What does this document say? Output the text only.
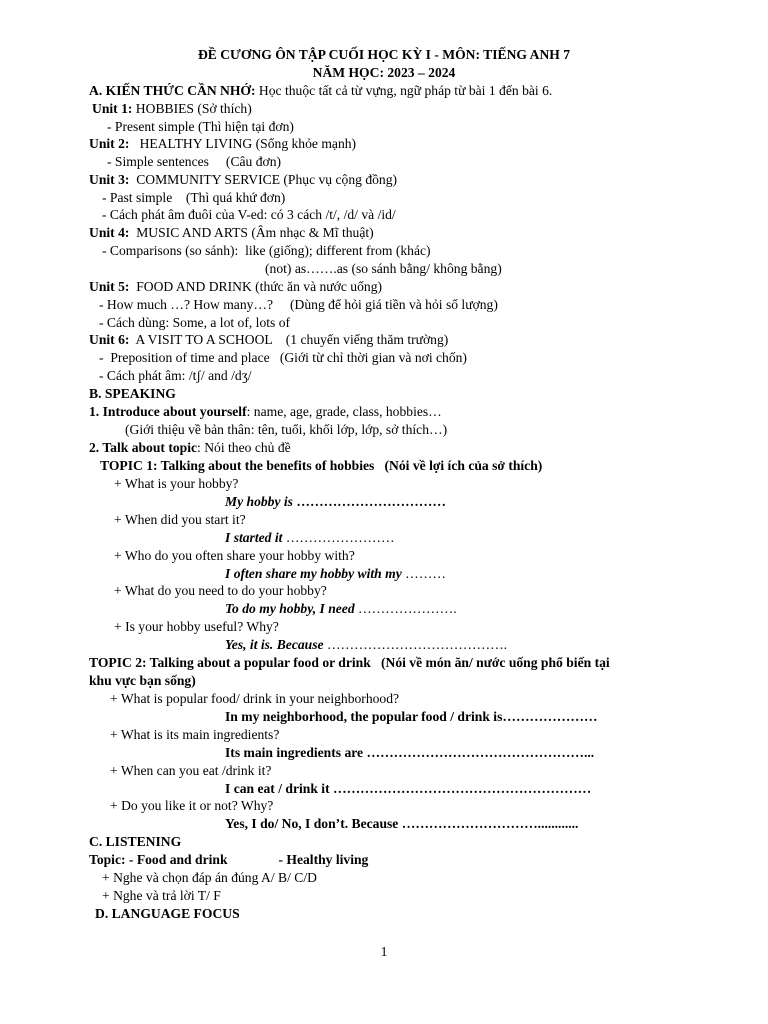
ĐỀ CƯƠNG ÔN TẬP CUỐI HỌC KỲ I - MÔN: TIẾNG ANH 7
NĂM HỌC: 2023 – 2024
A. KIẾN THỨC CẦN NHỚ: Học thuộc tất cả từ vựng, ngữ pháp từ bài 1 đến bài 6.
Unit 1: HOBBIES (Sở thích)
- Present simple (Thì hiện tại đơn)
Unit 2:   HEALTHY LIVING (Sống khỏe mạnh)
- Simple sentences     (Câu đơn)
Unit 3:  COMMUNITY SERVICE (Phục vụ cộng đồng)
- Past simple    (Thì quá khứ đơn)
- Cách phát âm đuôi của V-ed: có 3 cách /t/, /d/ và /id/
Unit 4:  MUSIC AND ARTS (Âm nhạc & Mĩ thuật)
- Comparisons (so sánh):  like (giống); different from (khác)
(not) as…….as (so sánh bằng/ không bằng)
Unit 5:  FOOD AND DRINK (thức ăn và nước uống)
- How much …? How many…?     (Dùng để hỏi giá tiền và hỏi số lượng)
- Cách dùng: Some, a lot of, lots of
Unit 6:  A VISIT TO A SCHOOL    (1 chuyến viếng thăm trường)
-  Preposition of time and place   (Giới từ chỉ thời gian và nơi chốn)
- Cách phát âm: /tʃ/ and /dʒ/
B. SPEAKING
1. Introduce about yourself: name, age, grade, class, hobbies…
(Giới thiệu về bản thân: tên, tuổi, khối lớp, lớp, sở thích…)
2. Talk about topic: Nói theo chủ đề
TOPIC 1: Talking about the benefits of hobbies   (Nói về lợi ích của sở thích)
+ What is your hobby?
My hobby is ……………………………
+ When did you start it?
I started it ……………………
+ Who do you often share your hobby with?
I often share my hobby with my ………
+ What do you need to do your hobby?
To do my hobby, I need ………………….
+ Is your hobby useful? Why?
Yes, it is. Because ………………………………….
TOPIC 2: Talking about a popular food or drink   (Nói về món ăn/ nước uống phổ biến tại
khu vực bạn sống)
+ What is popular food/ drink in your neighborhood?
In my neighborhood, the popular food / drink is…………………
+ What is its main ingredients?
Its main ingredients are …………………………………………...
+ When can you eat /drink it?
I can eat / drink it …………………………………………………
+ Do you like it or not? Why?
Yes, I do/ No, I don’t. Because …………………………............
C. LISTENING
Topic: - Food and drink               - Healthy living
+ Nghe và chọn đáp án đúng A/ B/ C/D
+ Nghe và trả lời T/ F
D. LANGUAGE FOCUS
1
